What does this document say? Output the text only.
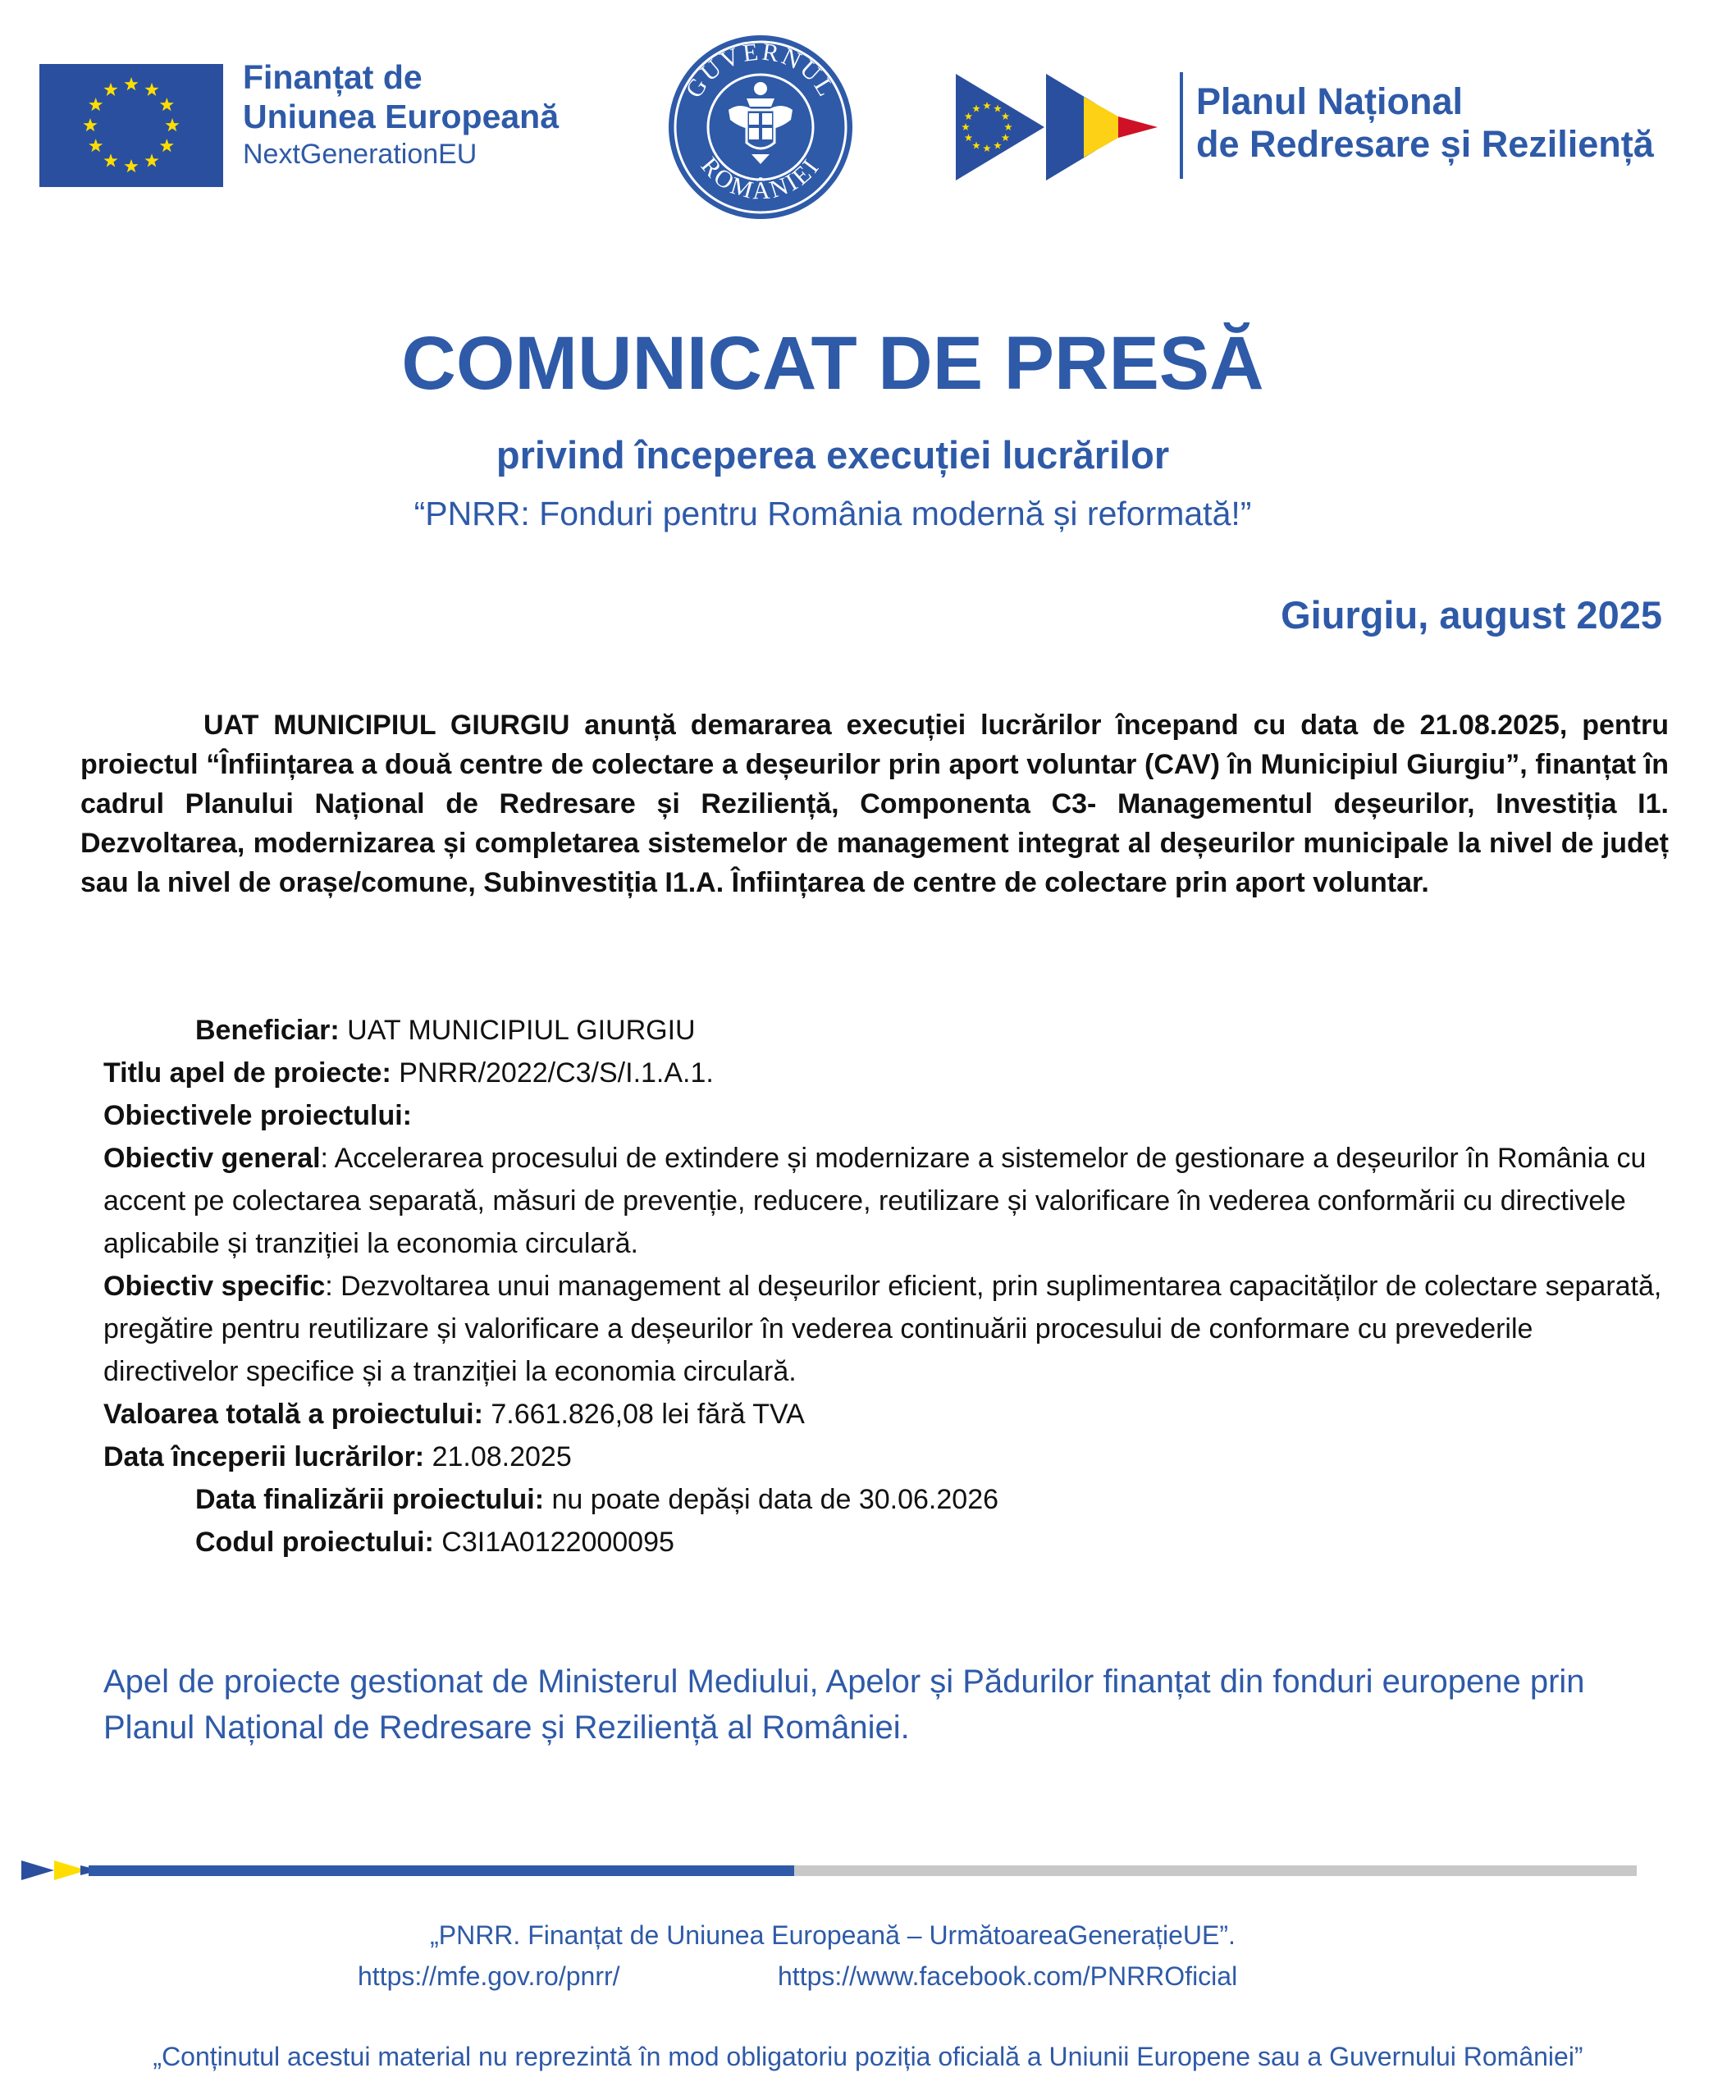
Finanțat de
Uniunea Europeană
NextGenerationEU
GUVERNUL
ROMÂNIEI
Planul Național
de Redresare și Reziliență
COMUNICAT DE PRESĂ
privind începerea execuției lucrărilor
“PNRR: Fonduri pentru România modernă și reformată!”
Giurgiu, august 2025
UAT MUNICIPIUL GIURGIU anunță demararea execuției lucrărilor începand cu data de 21.08.2025, pentru proiectul “Înființarea a două centre de colectare a deșeurilor prin aport voluntar (CAV) în Municipiul Giurgiu”, finanțat în cadrul Planului Național de Redresare și Reziliență, Componenta C3- Managementul deșeurilor, Investiția I1. Dezvoltarea, modernizarea și completarea sistemelor de management integrat al deșeurilor municipale la nivel de județ sau la nivel de orașe/comune, Subinvestiția I1.A. Înființarea de centre de colectare prin aport voluntar.
Beneficiar: UAT MUNICIPIUL GIURGIU
Titlu apel de proiecte: PNRR/2022/C3/S/I.1.A.1.
Obiectivele proiectului:
Obiectiv general: Accelerarea procesului de extindere și modernizare a sistemelor de gestionare a deșeurilor în România cu accent pe colectarea separată, măsuri de prevenție, reducere, reutilizare și valorificare în vederea conformării cu directivele aplicabile și tranziției la economia circulară.
Obiectiv specific: Dezvoltarea unui management al deșeurilor eficient, prin suplimentarea capacităților de colectare separată, pregătire pentru reutilizare și valorificare a deșeurilor în vederea continuării procesului de conformare cu prevederile directivelor specifice și a tranziției la economia circulară.
Valoarea totală a proiectului: 7.661.826,08 lei fără TVA
Data începerii lucrărilor: 21.08.2025
Data finalizării proiectului: nu poate depăși data de 30.06.2026
Codul proiectului: C3I1A0122000095
Apel de proiecte gestionat de Ministerul Mediului, Apelor și Pădurilor finanțat din fonduri europene prin Planul Național de Redresare și Reziliență al României.
„PNRR. Finanțat de Uniunea Europeană – UrmătoareaGenerațieUE”.
https://mfe.gov.ro/pnrr/	https://www.facebook.com/PNRROficial
„Conținutul acestui material nu reprezintă în mod obligatoriu poziția oficială a Uniunii Europene sau a Guvernului României”
